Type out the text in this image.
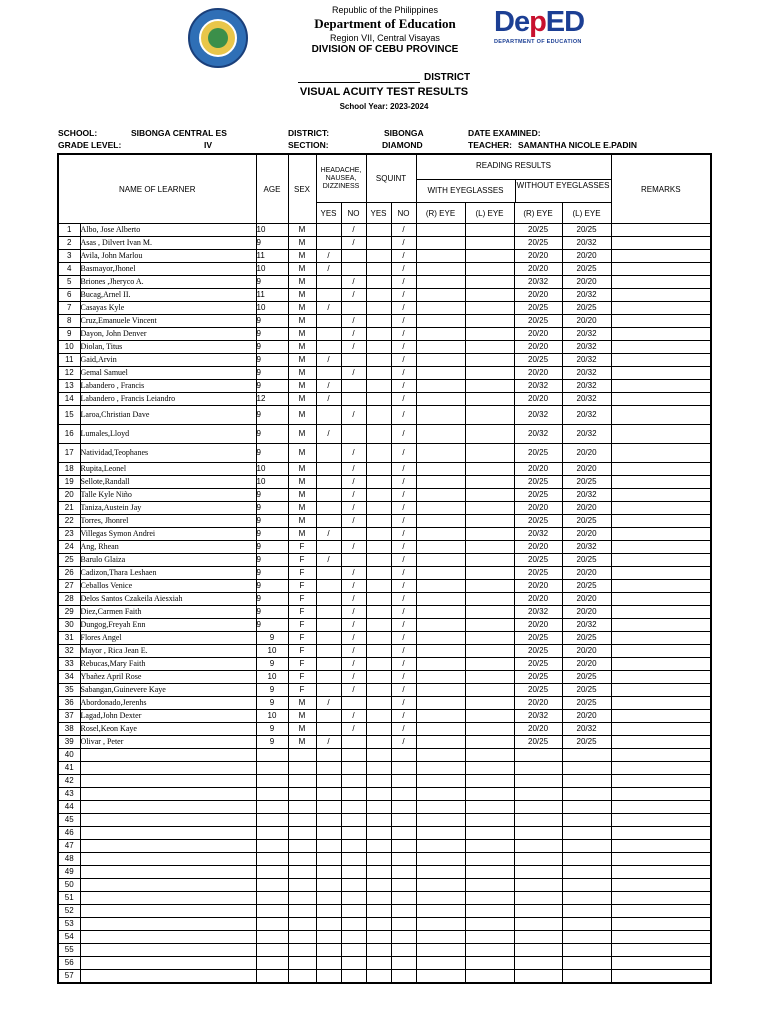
Republic of the Philippines
Department of Education
Region VII, Central Visayas
DIVISION OF CEBU PROVINCE
DepED
DEPARTMENT OF EDUCATION
DISTRICT
VISUAL ACUITY TEST RESULTS
School Year: 2023-2024
SCHOOL:	SIBONGA CENTRAL ES	DISTRICT:	SIBONGA	DATE EXAMINED:
GRADE LEVEL:	IV	SECTION:	DIAMOND	TEACHER: SAMANTHA NICOLE E.PADIN
NAME OF LEARNER		AGE	SEX	HEADACHE, NAUSEA, DIZZINESS		SQUINT		READING RESULTS
WITH EYEGLASSES
WITHOUT EYEGLASSES				REMARKS
				YES	NO	YES	NO	(R) EYE	(L) EYE	(R) EYE	(L) EYE	
1	Albo, Jose Alberto	10	M		/		/			20/25	20/25	
2	Asas , Dilvert Ivan M.	9	M		/		/			20/25	20/32	
3	Avila, John Marlou	11	M	/			/			20/20	20/20	
4	Basmayor,Jhonel	10	M	/			/			20/20	20/25	
5	Briones ,Jheryco A.	9	M		/		/			20/32	20/20	
6	Bucag,Arnel II.	11	M		/		/			20/20	20/32	
7	Casayas Kyle	10	M	/			/			20/25	20/25	
8	Cruz,Emanuele Vincent	9	M		/		/			20/25	20/20	
9	Dayon, John Denver	9	M		/		/			20/20	20/32	
10	Diolan, Titus	9	M		/		/			20/20	20/32	
11	Gaid,Arvin	9	M	/			/			20/25	20/32	
12	Gemal Samuel	9	M		/		/			20/20	20/32	
13	Labandero , Francis	9	M	/			/			20/32	20/32	
14	Labandero , Francis Leiandro	12	M	/			/			20/20	20/32	
15	Laroa,Christian Dave	9	M		/		/			20/32	20/32	
16	Lumales,Lloyd	9	M	/			/			20/32	20/32	
17	Natividad,Teophanes	9	M		/		/			20/25	20/20	
18	Rupita,Leonel	10	M		/		/			20/20	20/20	
19	Sellote,Randall	10	M		/		/			20/25	20/25	
20	Talle Kyle Niño	9	M		/		/			20/25	20/32	
21	Taniza,Austein Jay	9	M		/		/			20/20	20/20	
22	Torres, Jhonrel	9	M		/		/			20/25	20/25	
23	Villegas Symon Andrei	9	M	/			/			20/32	20/20	
24	Ang, Rhean	9	F		/		/			20/20	20/32	
25	Barulo Glaiza	9	F	/			/			20/25	20/25	
26	Cadizon,Thara Leshaen	9	F		/		/			20/25	20/20	
27	Ceballos Venice	9	F		/		/			20/20	20/25	
28	Delos Santos Czakeila Aiesxiah	9	F		/		/			20/20	20/20	
29	Diez,Carmen Faith	9	F		/		/			20/32	20/20	
30	Dungog,Freyah Enn	9	F		/		/			20/20	20/32	
31	Flores Angel	9	F		/		/			20/25	20/25	
32	Mayor , Rica Jean E.	10	F		/		/			20/25	20/20	
33	Rebucas,Mary Faith	9	F		/		/			20/25	20/20	
34	Ybañez April Rose	10	F		/		/			20/25	20/25	
35	Sabangan,Guinevere Kaye	9	F		/		/			20/25	20/25	
36	Abordonado,Jerenhs	9	M	/			/			20/20	20/25	
37	Lagad,John Dexter	10	M		/		/			20/32	20/20	
38	Rosel,Keon Kaye	9	M		/		/			20/20	20/32	
39	Olivar , Peter	9	M	/			/			20/25	20/25	
40												
41												
42												
43												
44												
45												
46												
47												
48												
49												
50												
51												
52												
53												
54												
55												
56												
57												
